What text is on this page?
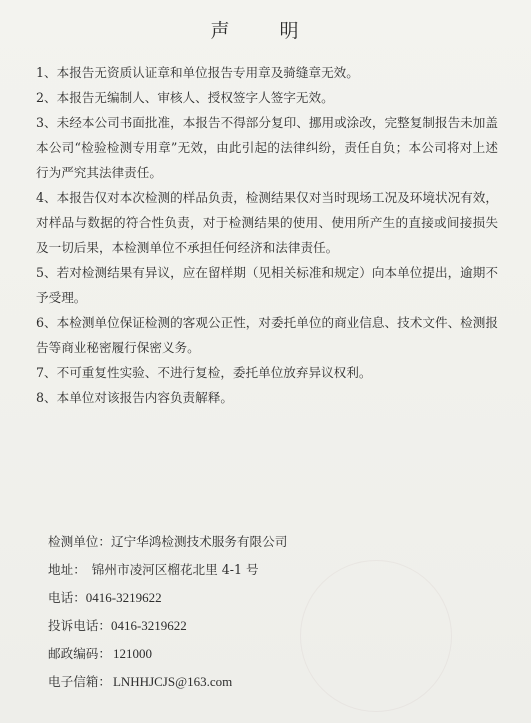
声 明
1、本报告无资质认证章和单位报告专用章及骑缝章无效。
2、本报告无编制人、审核人、授权签字人签字无效。
3、未经本公司书面批准，本报告不得部分复印、挪用或涂改，完整复制报告未加盖本公司“检验检测专用章”无效，由此引起的法律纠纷，责任自负；本公司将对上述行为严究其法律责任。
4、本报告仅对本次检测的样品负责，检测结果仅对当时现场工况及环境状况有效，对样品与数据的符合性负责，对于检测结果的使用、使用所产生的直接或间接损失及一切后果，本检测单位不承担任何经济和法律责任。
5、若对检测结果有异议，应在留样期（见相关标准和规定）向本单位提出，逾期不予受理。
6、本检测单位保证检测的客观公正性，对委托单位的商业信息、技术文件、检测报告等商业秘密履行保密义务。
7、不可重复性实验、不进行复检，委托单位放弃异议权利。
8、本单位对该报告内容负责解释。
检测单位：辽宁华鸿检测技术服务有限公司
地址： 锦州市凌河区榴花北里 4-1 号
电话：0416-3219622
投诉电话：0416-3219622
邮政编码： 121000
电子信箱： LNHHJCJS@163.com
